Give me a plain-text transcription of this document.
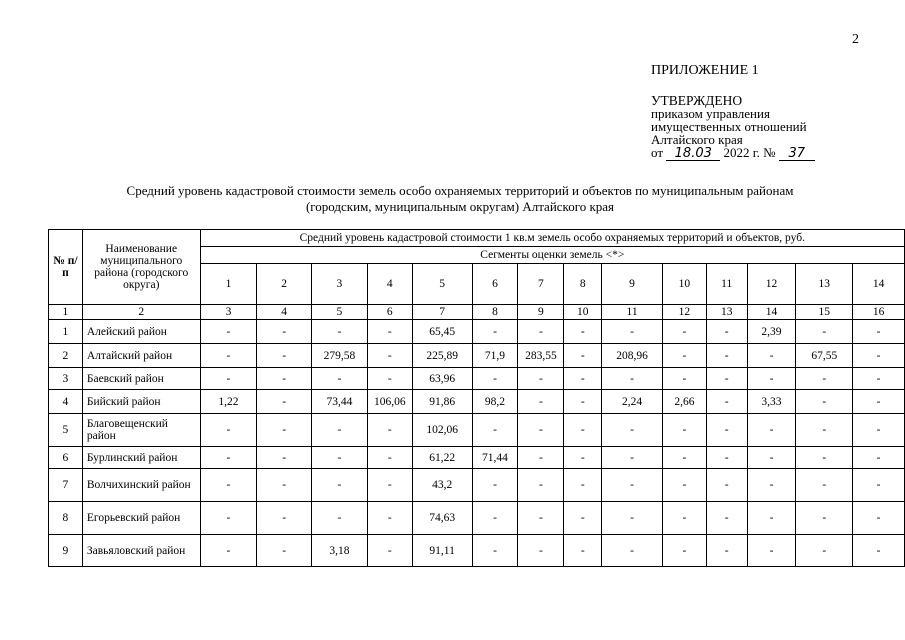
2
ПРИЛОЖЕНИЕ 1
УТВЕРЖДЕНО
приказом управления
имущественных отношений
Алтайского края
от 18.03 2022 г. № 37
Средний уровень кадастровой стоимости земель особо охраняемых территорий и объектов по муниципальным районам
(городским, муниципальным округам) Алтайского края
№ п/п	Наименование муниципального района (городского округа)	Средний уровень кадастровой стоимости 1 кв.м земель особо охраняемых территорий и объектов, руб.													
		Сегменты оценки земель <*>													
		1	2	3	4	5	6	7	8	9	10	11	12	13	14
1	2	3	4	5	6	7	8	9	10	11	12	13	14	15	16
1	Алейский район	-	-	-	-	65,45	-	-	-	-	-	-	2,39	-	-
2	Алтайский район	-	-	279,58	-	225,89	71,9	283,55	-	208,96	-	-	-	67,55	-
3	Баевский район	-	-	-	-	63,96	-	-	-	-	-	-	-	-	-
4	Бийский район	1,22	-	73,44	106,06	91,86	98,2	-	-	2,24	2,66	-	3,33	-	-
5	Благовещенский район	-	-	-	-	102,06	-	-	-	-	-	-	-	-	-
6	Бурлинский район	-	-	-	-	61,22	71,44	-	-	-	-	-	-	-	-
7	Волчихинский район	-	-	-	-	43,2	-	-	-	-	-	-	-	-	-
8	Егорьевский район	-	-	-	-	74,63	-	-	-	-	-	-	-	-	-
9	Завьяловский район	-	-	3,18	-	91,11	-	-	-	-	-	-	-	-	-
